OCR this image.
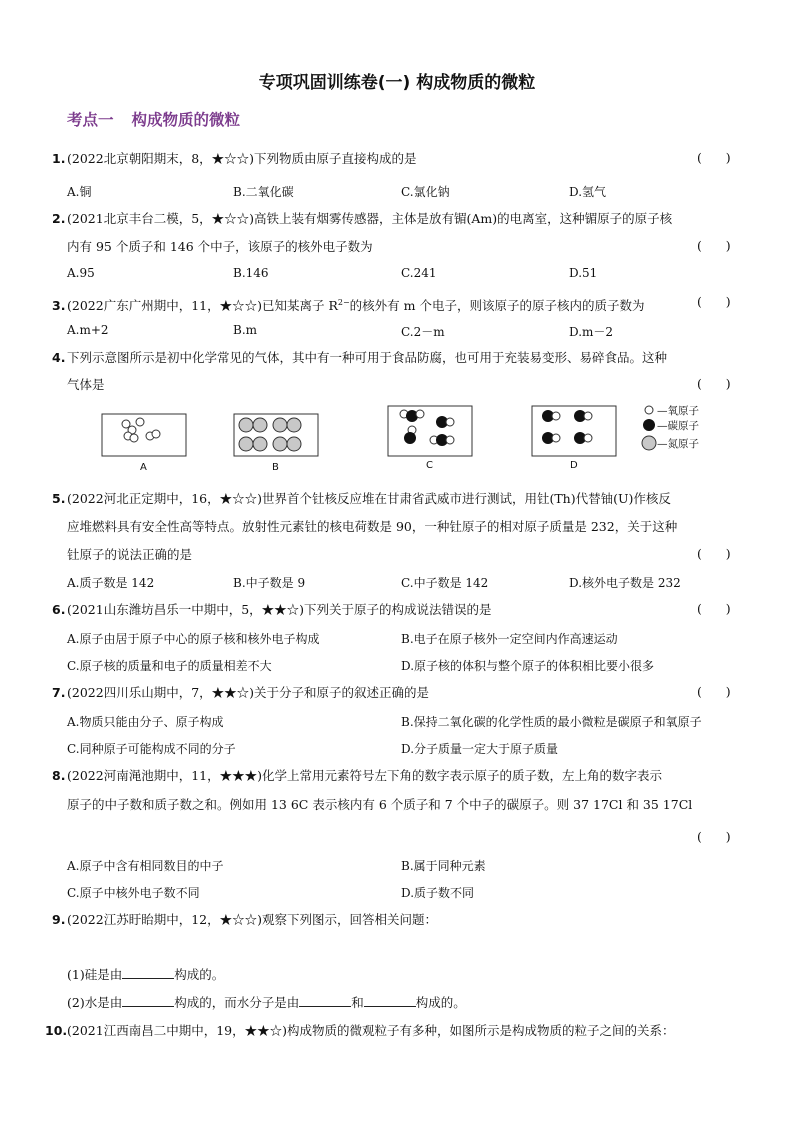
专项巩固训练卷(一) 构成物质的微粒
考点一 构成物质的微粒
1. (2022北京朝阳期末，8，★☆☆)下列物质由原子直接构成的是	(      )
A.铜	B.二氧化碳	C.氯化钠	D.氢气
2. (2021北京丰台二模，5，★☆☆)高铁上装有烟雾传感器，主体是放有镅(Am)的电离室，这种镅原子的原子核
内有 95 个质子和 146 个中子，该原子的核外电子数为	(      )
A.95	B.146	C.241	D.51
3. (2022广东广州期中，11，★☆☆)已知某离子 $R^{2-}$的核外有 m 个电子，则该原子的原子核内的质子数为	(      )
A.m+2	B.m	C.2－m	D.m－2
4. 下列示意图所示是初中化学常见的气体，其中有一种可用于食品防腐，也可用于充装易变形、易碎食品。这种
气体是	(      )
A	B	C	D
—氧原子
—碳原子
—氮原子
5. (2022河北正定期中，16，★☆☆)世界首个钍核反应堆在甘肃省武威市进行测试，用钍(Th)代替铀(U)作核反
应堆燃料具有安全性高等特点。放射性元素钍的核电荷数是 90，一种钍原子的相对原子质量是 232，关于这种
钍原子的说法正确的是	(      )
A.质子数是 142	B.中子数是 9	C.中子数是 142	D.核外电子数是 232
6. (2021山东潍坊昌乐一中期中，5，★★☆)下列关于原子的构成说法错误的是	(      )
A.原子由居于原子中心的原子核和核外电子构成	B.电子在原子核外一定空间内作高速运动
C.原子核的质量和电子的质量相差不大	D.原子核的体积与整个原子的体积相比要小很多
7. (2022四川乐山期中，7，★★☆)关于分子和原子的叙述正确的是	(      )
A.物质只能由分子、原子构成	B.保持二氧化碳的化学性质的最小微粒是碳原子和氧原子
C.同种原子可能构成不同的分子	D.分子质量一定大于原子质量
8. (2022河南渑池期中，11，★★★)化学上常用元素符号左下角的数字表示原子的质子数，左上角的数字表示
原子的中子数和质子数之和。例如用 13 6C 表示核内有 6 个质子和 7 个中子的碳原子。则 37 17Cl 和 35 17Cl
(      )
A.原子中含有相同数目的中子	B.属于同种元素
C.原子中核外电子数不同	D.质子数不同
9. (2022江苏盱眙期中，12，★☆☆)观察下列图示，回答相关问题：
(1)硅是由	构成的。
(2)水是由	构成的，而水分子是由	和	构成的。
10.(2021江西南昌二中期中，19，★★☆)构成物质的微观粒子有多种，如图所示是构成物质的粒子之间的关系：
